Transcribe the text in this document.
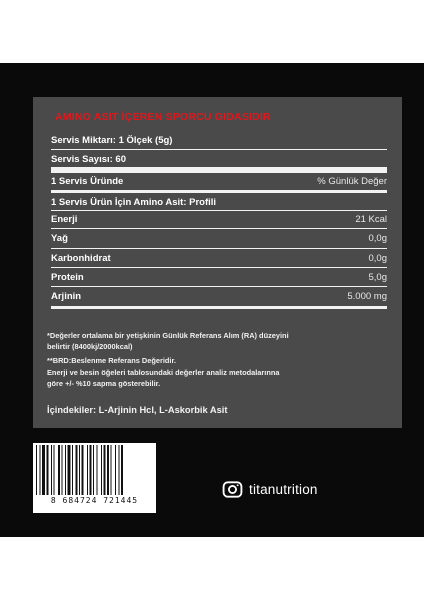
AMINO ASIT İÇEREN SPORCU GIDASIDIR
Servis Miktarı: 1 Ölçek (5g)
Servis Sayısı: 60
1 Servis Üründe	% Günlük Değer
1 Servis Ürün İçin Amino Asit: Profili
Enerji	21 Kcal
Yağ	0,0g
Karbonhidrat	0,0g
Protein	5,0g
Arjinin	5.000 mg
*Değerler ortalama bir yetişkinin Günlük Referans Alım (RA) düzeyini
belirtir (8400kj/2000kcal)
**BRD:Beslenme Referans Değeridir.
Enerji ve besin öğeleri tablosundaki değerler analiz metodalarınna
göre +/- %10 sapma gösterebilir.
İçindekiler: L-Arjinin Hcl, L-Askorbik Asit
8 684724 721445
titanutrition
